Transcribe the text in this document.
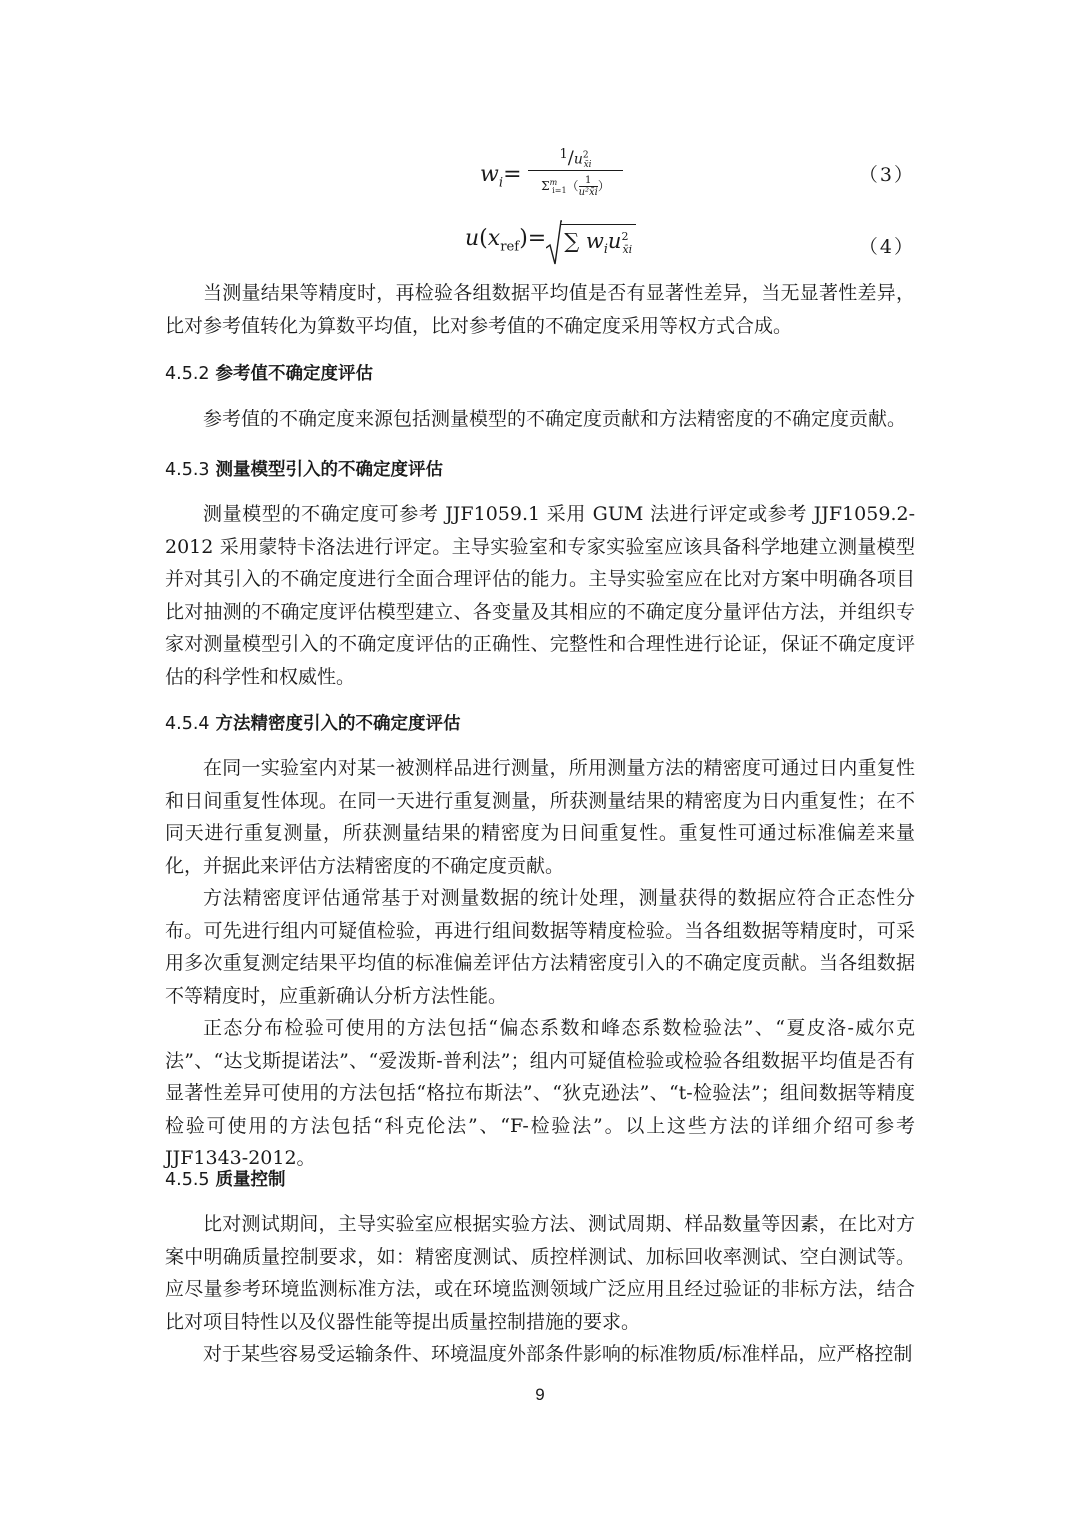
$w_i=$
$^1/u^2_{x̄i}$
$\Sigma^m_{i=1}( \frac{1}{\text{u²x̄i}}$ ）	（3）
$u(x_{ref})=$ ∑ $w_iu^2_{x̄i}$	（4）

当测量结果等精度时，再检验各组数据平均值是否有显著性差异，当无显著性差异，比对参考值转化为算数平均值，比对参考值的不确定度采用等权方式合成。

4.5.2 参考值不确定度评估

参考值的不确定度来源包括测量模型的不确定度贡献和方法精密度的不确定度贡献。

4.5.3 测量模型引入的不确定度评估

测量模型的不确定度可参考 JJF1059.1 采用 GUM 法进行评定或参考 JJF1059.2-2012 采用蒙特卡洛法进行评定。主导实验室和专家实验室应该具备科学地建立测量模型并对其引入的不确定度进行全面合理评估的能力。主导实验室应在比对方案中明确各项目比对抽测的不确定度评估模型建立、各变量及其相应的不确定度分量评估方法，并组织专家对测量模型引入的不确定度评估的正确性、完整性和合理性进行论证，保证不确定度评估的科学性和权威性。

4.5.4 方法精密度引入的不确定度评估

在同一实验室内对某一被测样品进行测量，所用测量方法的精密度可通过日内重复性和日间重复性体现。在同一天进行重复测量，所获测量结果的精密度为日内重复性；在不同天进行重复测量，所获测量结果的精密度为日间重复性。重复性可通过标准偏差来量化，并据此来评估方法精密度的不确定度贡献。

方法精密度评估通常基于对测量数据的统计处理，测量获得的数据应符合正态性分布。可先进行组内可疑值检验，再进行组间数据等精度检验。当各组数据等精度时，可采用多次重复测定结果平均值的标准偏差评估方法精密度引入的不确定度贡献。当各组数据不等精度时，应重新确认分析方法性能。

正态分布检验可使用的方法包括“偏态系数和峰态系数检验法”、“夏皮洛-威尔克法”、“达戈斯提诺法”、“爱泼斯-普利法”；组内可疑值检验或检验各组数据平均值是否有显著性差异可使用的方法包括“格拉布斯法”、“狄克逊法”、“t-检验法”；组间数据等精度检验可使用的方法包括“科克伦法”、“F-检验法”。以上这些方法的详细介绍可参考 JJF1343-2012。

4.5.5 质量控制

比对测试期间，主导实验室应根据实验方法、测试周期、样品数量等因素，在比对方案中明确质量控制要求，如：精密度测试、质控样测试、加标回收率测试、空白测试等。应尽量参考环境监测标准方法，或在环境监测领域广泛应用且经过验证的非标方法，结合比对项目特性以及仪器性能等提出质量控制措施的要求。

对于某些容易受运输条件、环境温度外部条件影响的标准物质/标准样品，应严格控制

9
